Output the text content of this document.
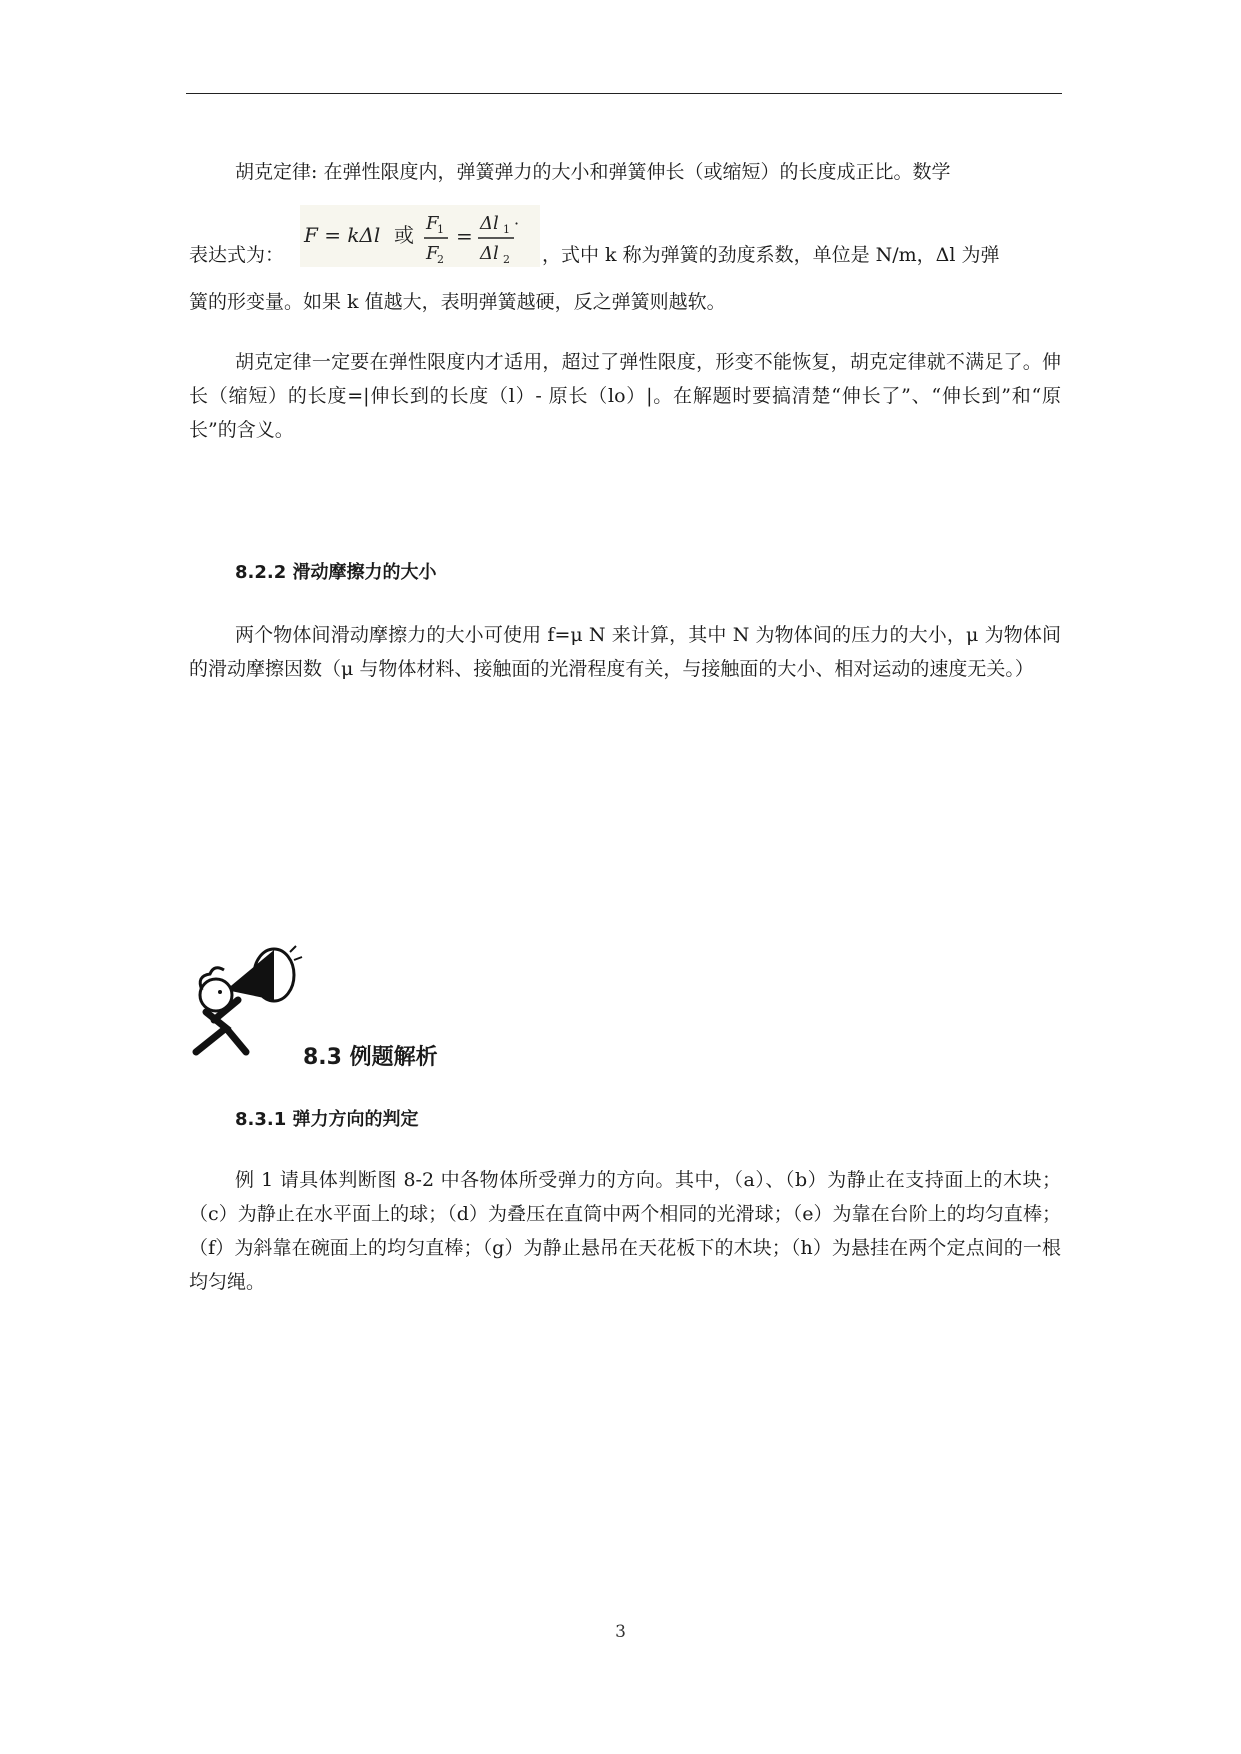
胡克定律: 在弹性限度内，弹簧弹力的大小和弹簧伸长（或缩短）的长度成正比。数学

F = kΔl 或 F
1
F
2
=
Δl 1
Δl 2
·
表达式为：	，式中 k 称为弹簧的劲度系数，单位是 N/m，Δl 为弹
簧的形变量。如果 k 值越大，表明弹簧越硬，反之弹簧则越软。

胡克定律一定要在弹性限度内才适用，超过了弹性限度，形变不能恢复，胡克定律就不满足了。伸长（缩短）的长度=|伸长到的长度（l）- 原长（lo）|。在解题时要搞清楚“伸长了”、“伸长到”和“原长”的含义。

8.2.2 滑动摩擦力的大小

两个物体间滑动摩擦力的大小可使用 f=μ N 来计算，其中 N 为物体间的压力的大小，μ 为物体间的滑动摩擦因数（μ 与物体材料、接触面的光滑程度有关，与接触面的大小、相对运动的速度无关。）

8.3 例题解析
8.3.1 弹力方向的判定

例 1 请具体判断图 8-2 中各物体所受弹力的方向。其中，（a）、（b）为静止在支持面上的木块；（c）为静止在水平面上的球；（d）为叠压在直筒中两个相同的光滑球；（e）为靠在台阶上的均匀直棒；（f）为斜靠在碗面上的均匀直棒；（g）为静止悬吊在天花板下的木块；（h）为悬挂在两个定点间的一根均匀绳。

3
